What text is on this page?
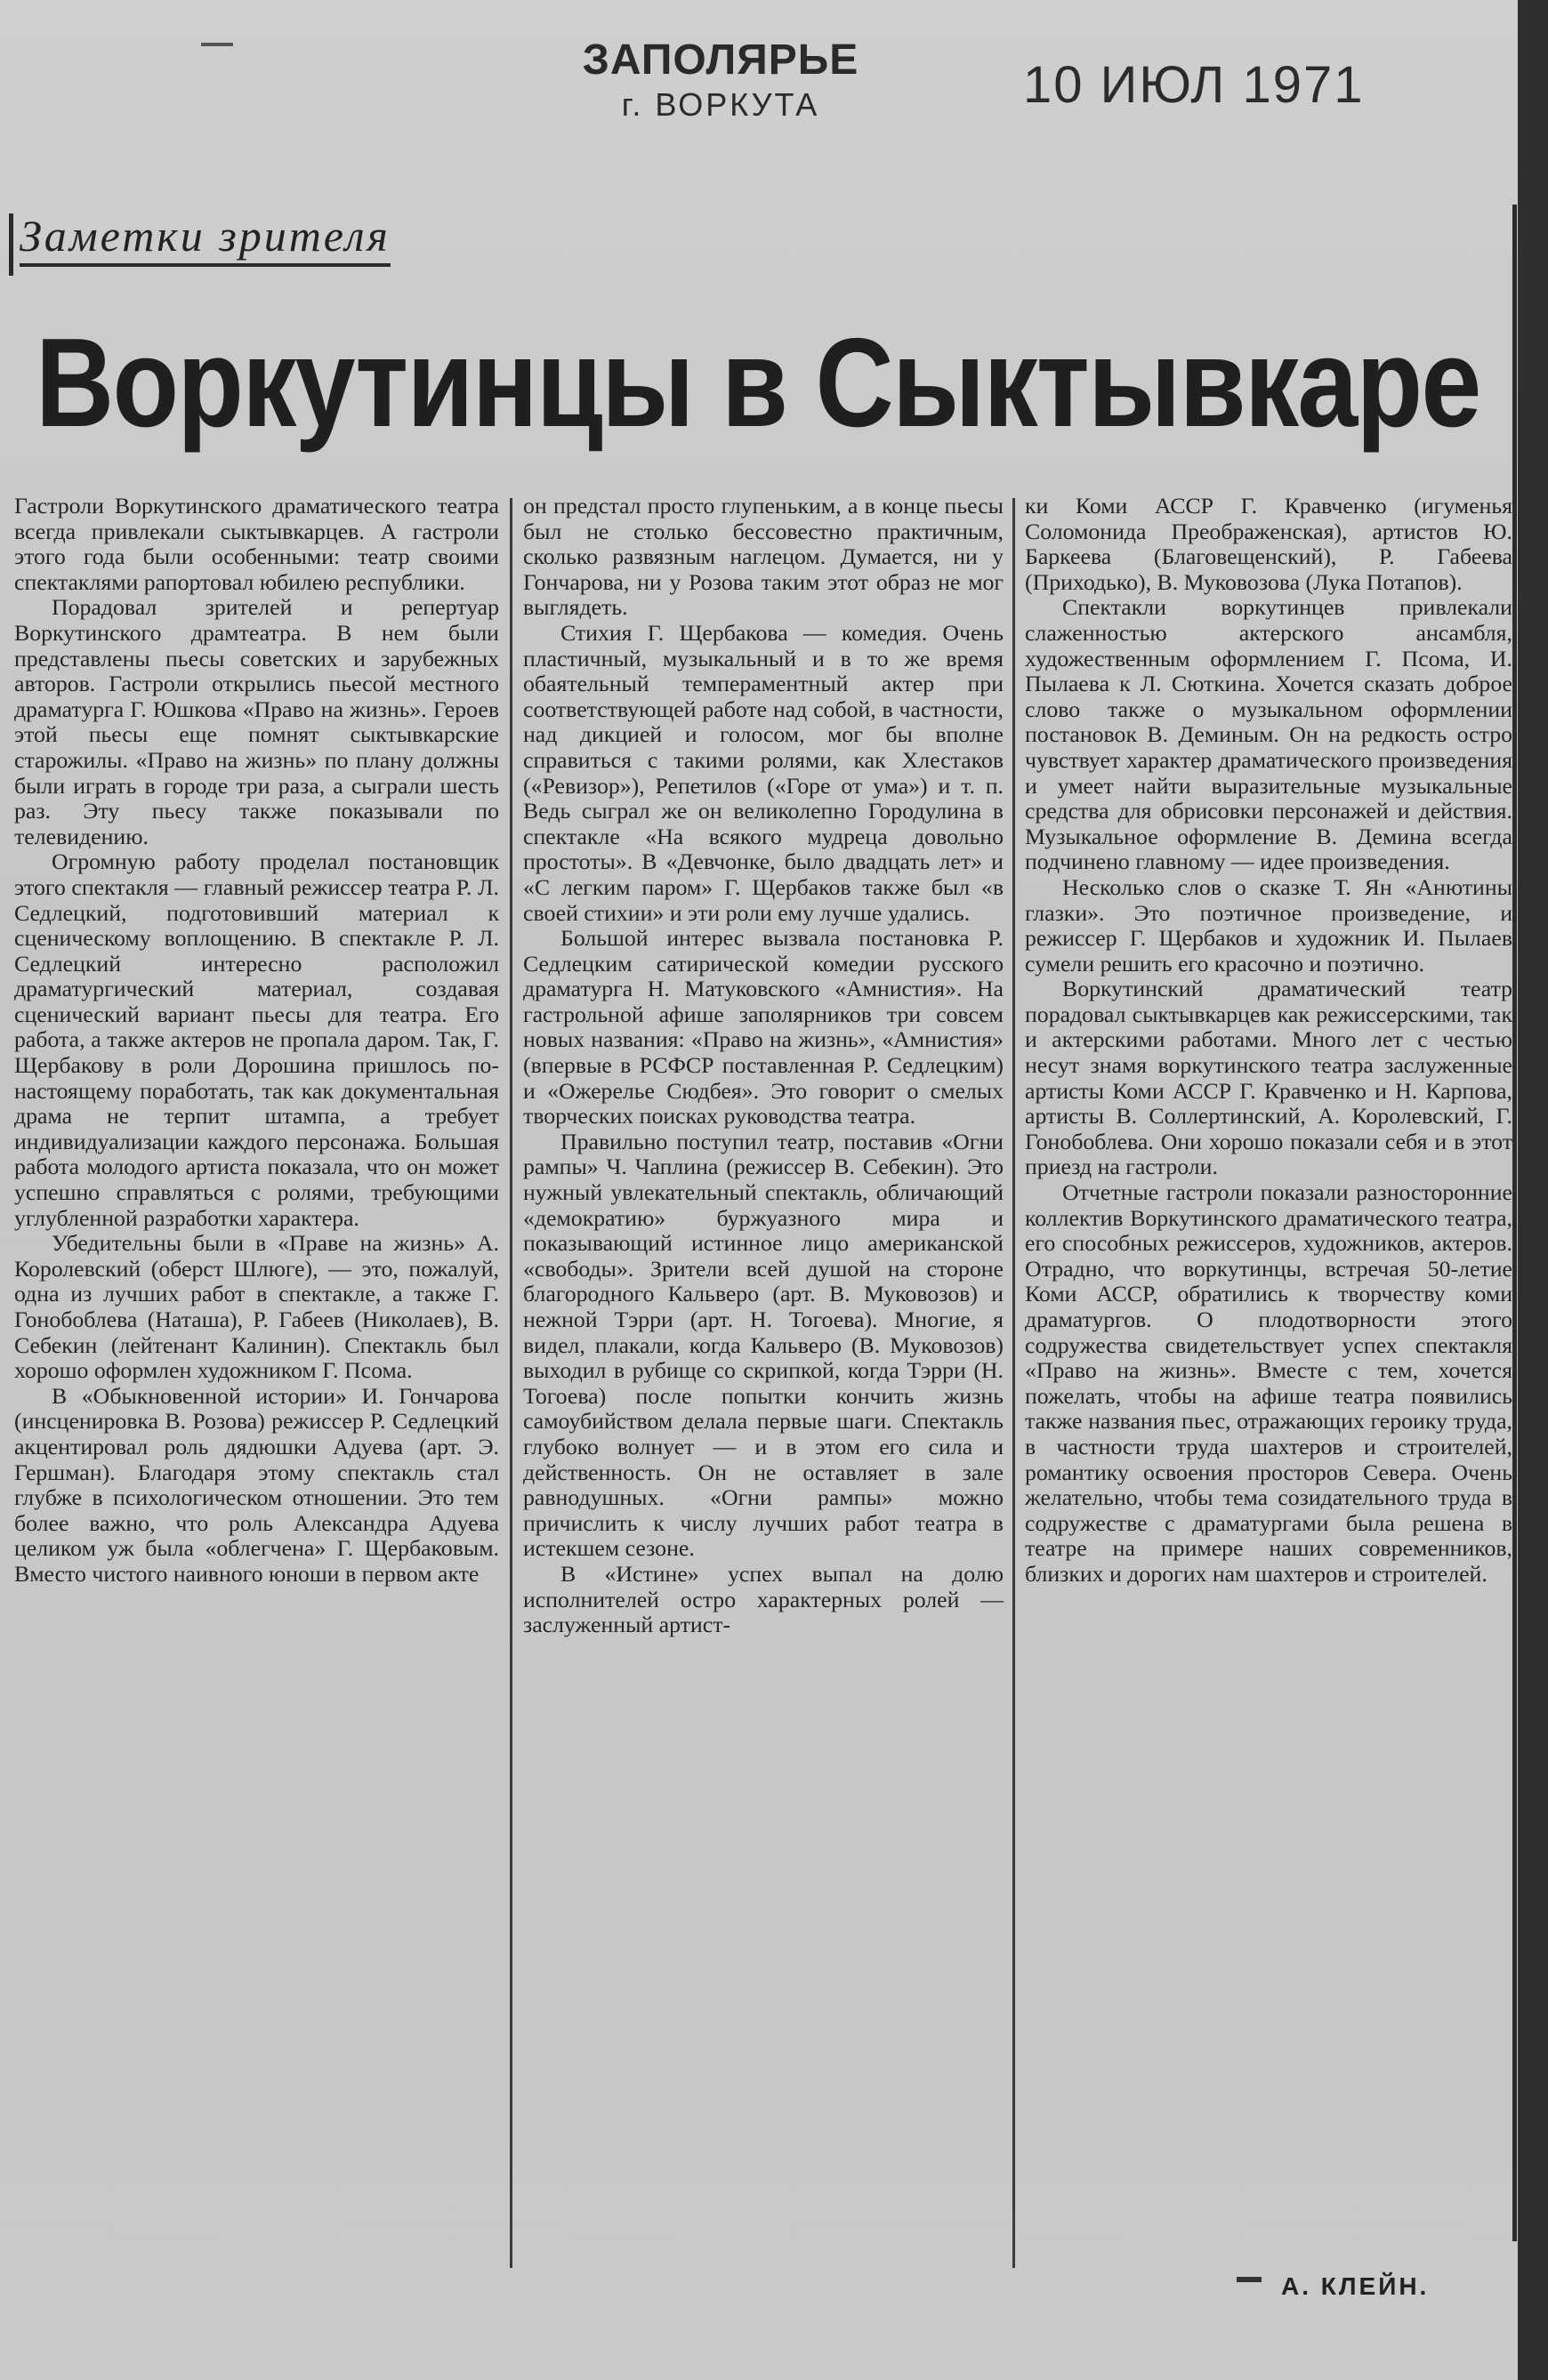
ЗАПОЛЯРЬЕ
г. ВОРКУТА	10 ИЮЛ 1971
Заметки зрителя
Воркутинцы в Сыктывкаре

Гастроли Воркутинского драматического театра всегда привлекали сыктывкарцев. А гастроли этого года были особенными: театр своими спектаклями рапортовал юбилею республики.

Порадовал зрителей и репертуар Воркутинского драмтеатра. В нем были представлены пьесы советских и зарубежных авторов. Гастроли открылись пьесой местного драматурга Г. Юшкова «Право на жизнь». Героев этой пьесы еще помнят сыктывкарские старожилы. «Право на жизнь» по плану должны были играть в городе три раза, а сыграли шесть раз. Эту пьесу также показывали по телевидению.

Огромную работу проделал постановщик этого спектакля — главный режиссер театра Р. Л. Седлецкий, подготовивший материал к сценическому воплощению. В спектакле Р. Л. Седлецкий интересно расположил драматургический материал, создавая сценический вариант пьесы для театра. Его работа, а также актеров не пропала даром. Так, Г. Щербакову в роли Дорошина пришлось по-настоящему поработать, так как документальная драма не терпит штампа, а требует индивидуализации каждого персонажа. Большая работа молодого артиста показала, что он может успешно справляться с ролями, требующими углубленной разработки характера.

Убедительны были в «Праве на жизнь» А. Королевский (оберст Шлюге), — это, пожалуй, одна из лучших работ в спектакле, а также Г. Гонобоблева (Наташа), Р. Габеев (Николаев), В. Себекин (лейтенант Калинин). Спектакль был хорошо оформлен художником Г. Псома.

В «Обыкновенной истории» И. Гончарова (инсценировка В. Розова) режиссер Р. Седлецкий акцентировал роль дядюшки Адуева (арт. Э. Гершман). Благодаря этому спектакль стал глубже в психологическом отношении. Это тем более важно, что роль Александра Адуева целиком уж была «облегчена» Г. Щербаковым. Вместо чистого наивного юноши в первом акте

он предстал просто глупеньким, а в конце пьесы был не столько бессовестно практичным, сколько развязным наглецом. Думается, ни у Гончарова, ни у Розова таким этот образ не мог выглядеть.

Стихия Г. Щербакова — комедия. Очень пластичный, музыкальный и в то же время обаятельный темпераментный актер при соответствующей работе над собой, в частности, над дикцией и голосом, мог бы вполне справиться с такими ролями, как Хлестаков («Ревизор»), Репетилов («Горе от ума») и т. п. Ведь сыграл же он великолепно Городулина в спектакле «На всякого мудреца довольно простоты». В «Девчонке, было двадцать лет» и «С легким паром» Г. Щербаков также был «в своей стихии» и эти роли ему лучше удались.

Большой интерес вызвала постановка Р. Седлецким сатирической комедии русского драматурга Н. Матуковского «Амнистия». На гастрольной афише заполярников три совсем новых названия: «Право на жизнь», «Амнистия» (впервые в РСФСР поставленная Р. Седлецким) и «Ожерелье Сюдбея». Это говорит о смелых творческих поисках руководства театра.

Правильно поступил театр, поставив «Огни рампы» Ч. Чаплина (режиссер В. Себекин). Это нужный увлекательный спектакль, обличающий «демократию» буржуазного мира и показывающий истинное лицо американской «свободы». Зрители всей душой на стороне благородного Кальверо (арт. В. Муковозов) и нежной Тэрри (арт. Н. Тогоева). Многие, я видел, плакали, когда Кальверо (В. Муковозов) выходил в рубище со скрипкой, когда Тэрри (Н. Тогоева) после попытки кончить жизнь самоубийством делала первые шаги. Спектакль глубоко волнует — и в этом его сила и действенность. Он не оставляет в зале равнодушных. «Огни рампы» можно причислить к числу лучших работ театра в истекшем сезоне.

В «Истине» успех выпал на долю исполнителей остро характерных ролей — заслуженный артист-

ки Коми АССР Г. Кравченко (игуменья Соломонида Преображенская), артистов Ю. Баркеева (Благовещенский), Р. Габеева (Приходько), В. Муковозова (Лука Потапов).

Спектакли воркутинцев привлекали слаженностью актерского ансамбля, художественным оформлением Г. Псома, И. Пылаева к Л. Сюткина. Хочется сказать доброе слово также о музыкальном оформлении постановок В. Деминым. Он на редкость остро чувствует характер драматического произведения и умеет найти выразительные музыкальные средства для обрисовки персонажей и действия. Музыкальное оформление В. Демина всегда подчинено главному — идее произведения.

Несколько слов о сказке Т. Ян «Анютины глазки». Это поэтичное произведение, и режиссер Г. Щербаков и художник И. Пылаев сумели решить его красочно и поэтично.

Воркутинский драматический театр порадовал сыктывкарцев как режиссерскими, так и актерскими работами. Много лет с честью несут знамя воркутинского театра заслуженные артисты Коми АССР Г. Кравченко и Н. Карпова, артисты В. Соллертинский, А. Королевский, Г. Гонобоблева. Они хорошо показали себя и в этот приезд на гастроли.

Отчетные гастроли показали разносторонние коллектив Воркутинского драматического театра, его способных режиссеров, художников, актеров. Отрадно, что воркутинцы, встречая 50-летие Коми АССР, обратились к творчеству коми драматургов. О плодотворности этого содружества свидетельствует успех спектакля «Право на жизнь». Вместе с тем, хочется пожелать, чтобы на афише театра появились также названия пьес, отражающих героику труда, в частности труда шахтеров и строителей, романтику освоения просторов Севера. Очень желательно, чтобы тема созидательного труда в содружестве с драматургами была решена в театре на примере наших современников, близких и дорогих нам шахтеров и строителей.

А. КЛЕЙН.
